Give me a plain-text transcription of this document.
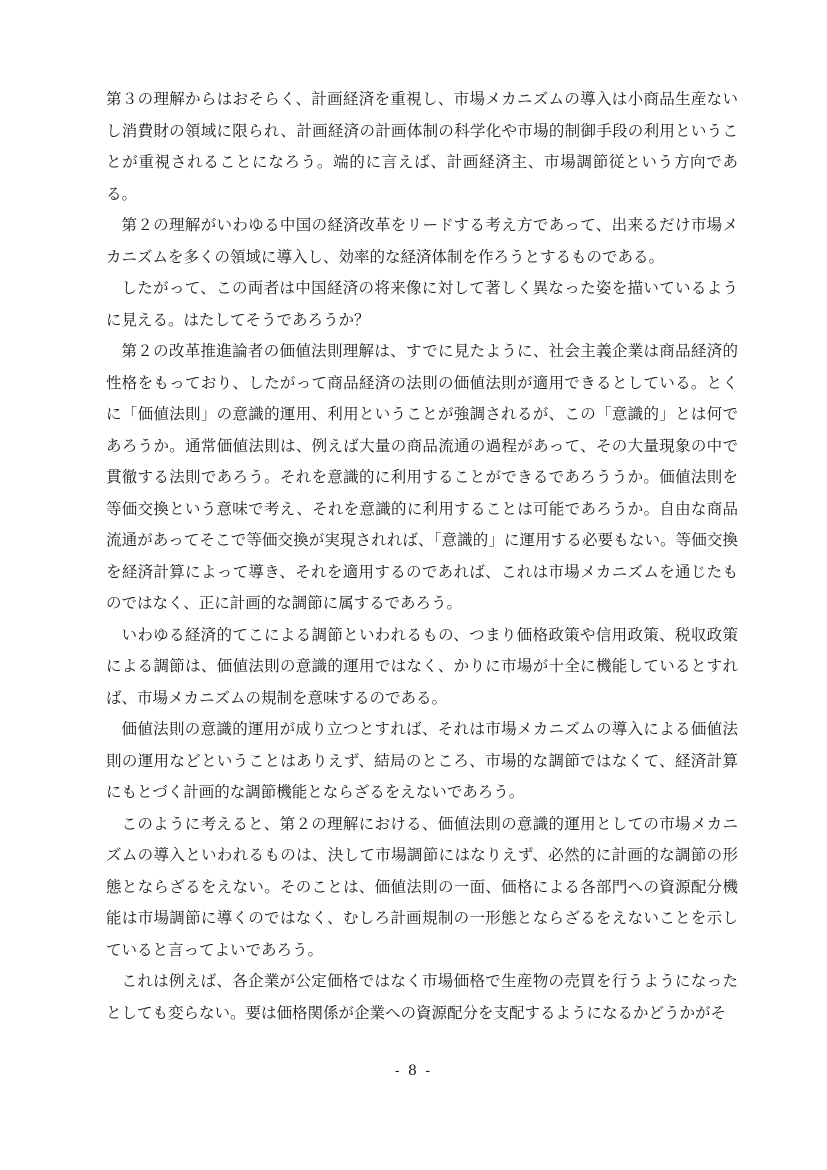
第３の理解からはおそらく、計画経済を重視し、市場メカニズムの導入は小商品生産ないし消費財の領域に限られ、計画経済の計画体制の科学化や市場的制御手段の利用ということが重視されることになろう。端的に言えば、計画経済主、市場調節従という方向である。

第２の理解がいわゆる中国の経済改革をリードする考え方であって、出来るだけ市場メカニズムを多くの領域に導入し、効率的な経済体制を作ろうとするものである。

したがって、この両者は中国経済の将来像に対して著しく異なった姿を描いているように見える。はたしてそうであろうか？

第２の改革推進論者の価値法則理解は、すでに見たように、社会主義企業は商品経済的性格をもっており、したがって商品経済の法則の価値法則が適用できるとしている。とくに「価値法則」の意識的運用、利用ということが強調されるが、この「意識的」とは何であろうか。通常価値法則は、例えば大量の商品流通の過程があって、その大量現象の中で貫徹する法則であろう。それを意識的に利用することができるであろううか。価値法則を等価交換という意味で考え、それを意識的に利用することは可能であろうか。自由な商品流通があってそこで等価交換が実現されれば、「意識的」に運用する必要もない。等価交換を経済計算によって導き、それを適用するのであれば、これは市場メカニズムを通じたものではなく、正に計画的な調節に属するであろう。

いわゆる経済的てこによる調節といわれるもの、つまり価格政策や信用政策、税収政策による調節は、価値法則の意識的運用ではなく、かりに市場が十全に機能しているとすれば、市場メカニズムの規制を意味するのである。

価値法則の意識的運用が成り立つとすれば、それは市場メカニズムの導入による価値法則の運用などということはありえず、結局のところ、市場的な調節ではなくて、経済計算にもとづく計画的な調節機能とならざるをえないであろう。

このように考えると、第２の理解における、価値法則の意識的運用としての市場メカニズムの導入といわれるものは、決して市場調節にはなりえず、必然的に計画的な調節の形態とならざるをえない。そのことは、価値法則の一面、価格による各部門への資源配分機能は市場調節に導くのではなく、むしろ計画規制の一形態とならざるをえないことを示していると言ってよいであろう。

これは例えば、各企業が公定価格ではなく市場価格で生産物の売買を行うようになったとしても変らない。要は価格関係が企業への資源配分を支配するようになるかどうかがそ

- 8 -
